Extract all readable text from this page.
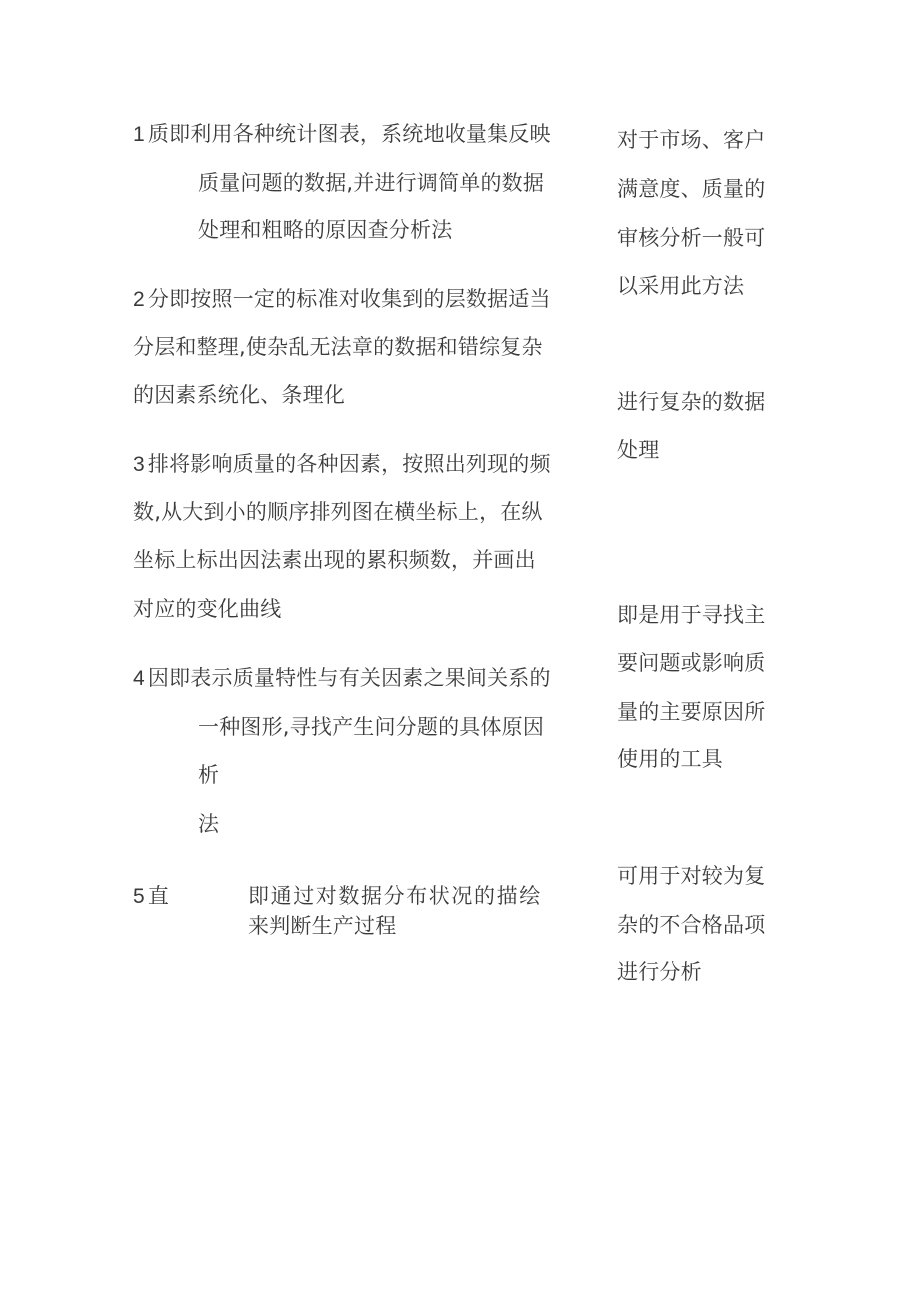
1 质即利用各种统计图表，系统地收量集反映
质量问题的数据,并进行调简单的数据
处理和粗略的原因查分析法
2 分即按照一定的标准对收集到的层数据适当
分层和整理,使杂乱无法章的数据和错综复杂
的因素系统化、条理化
3 排将影响质量的各种因素，按照出列现的频
数,从大到小的顺序排列图在横坐标上，在纵
坐标上标出因法素出现的累积频数，并画出
对应的变化曲线
4 因即表示质量特性与有关因素之果间关系的
一种图形,寻找产生问分题的具体原因
析
法
5 直	即通过对数据分布状况的描绘
来判断生产过程
对于市场、客户
满意度、质量的
审核分析一般可
以采用此方法
进行复杂的数据
处理
即是用于寻找主
要问题或影响质
量的主要原因所
使用的工具
可用于对较为复
杂的不合格品项
进行分析
